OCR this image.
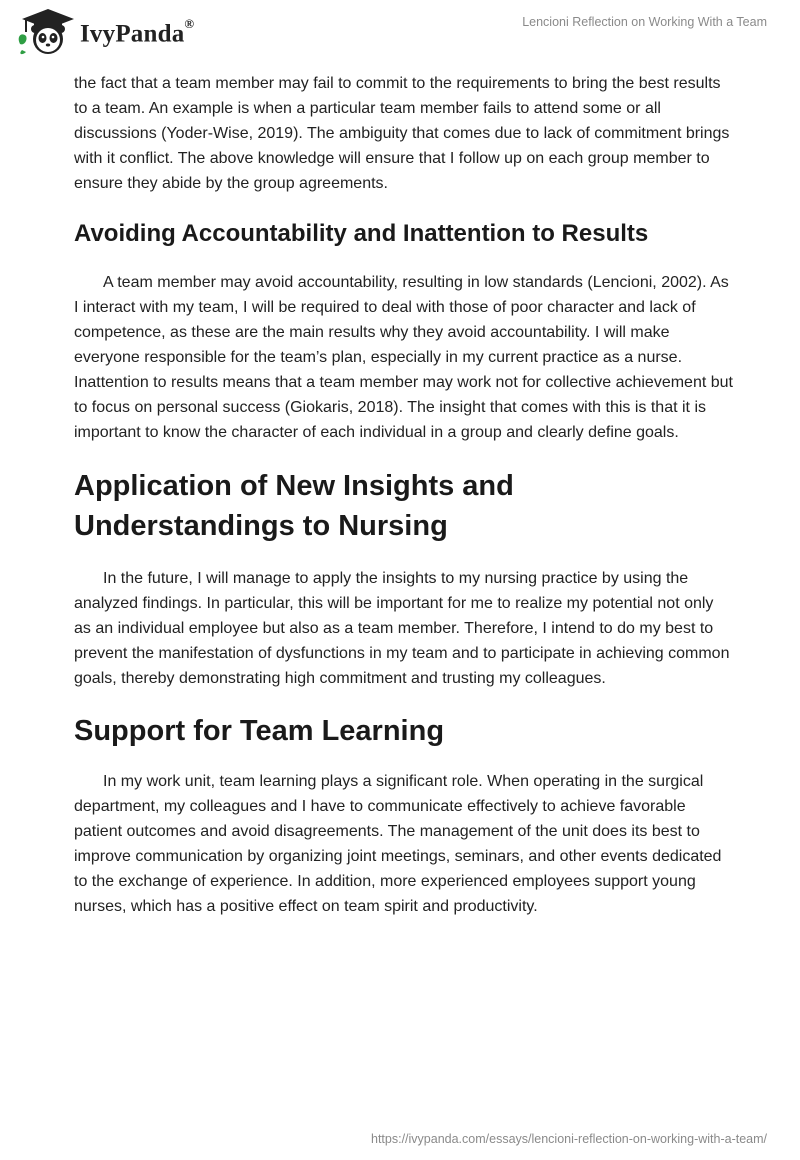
IvyPanda®	Lencioni Reflection on Working With a Team

the fact that a team member may fail to commit to the requirements to bring the best results to a team. An example is when a particular team member fails to attend some or all discussions (Yoder-Wise, 2019). The ambiguity that comes due to lack of commitment brings with it conflict. The above knowledge will ensure that I follow up on each group member to ensure they abide by the group agreements.

Avoiding Accountability and Inattention to Results

A team member may avoid accountability, resulting in low standards (Lencioni, 2002). As I interact with my team, I will be required to deal with those of poor character and lack of competence, as these are the main results why they avoid accountability. I will make everyone responsible for the team’s plan, especially in my current practice as a nurse. Inattention to results means that a team member may work not for collective achievement but to focus on personal success (Giokaris, 2018). The insight that comes with this is that it is important to know the character of each individual in a group and clearly define goals.

Application of New Insights and
Understandings to Nursing

In the future, I will manage to apply the insights to my nursing practice by using the analyzed findings. In particular, this will be important for me to realize my potential not only as an individual employee but also as a team member. Therefore, I intend to do my best to prevent the manifestation of dysfunctions in my team and to participate in achieving common goals, thereby demonstrating high commitment and trusting my colleagues.

Support for Team Learning

In my work unit, team learning plays a significant role. When operating in the surgical department, my colleagues and I have to communicate effectively to achieve favorable patient outcomes and avoid disagreements. The management of the unit does its best to improve communication by organizing joint meetings, seminars, and other events dedicated to the exchange of experience. In addition, more experienced employees support young nurses, which has a positive effect on team spirit and productivity.

https://ivypanda.com/essays/lencioni-reflection-on-working-with-a-team/
